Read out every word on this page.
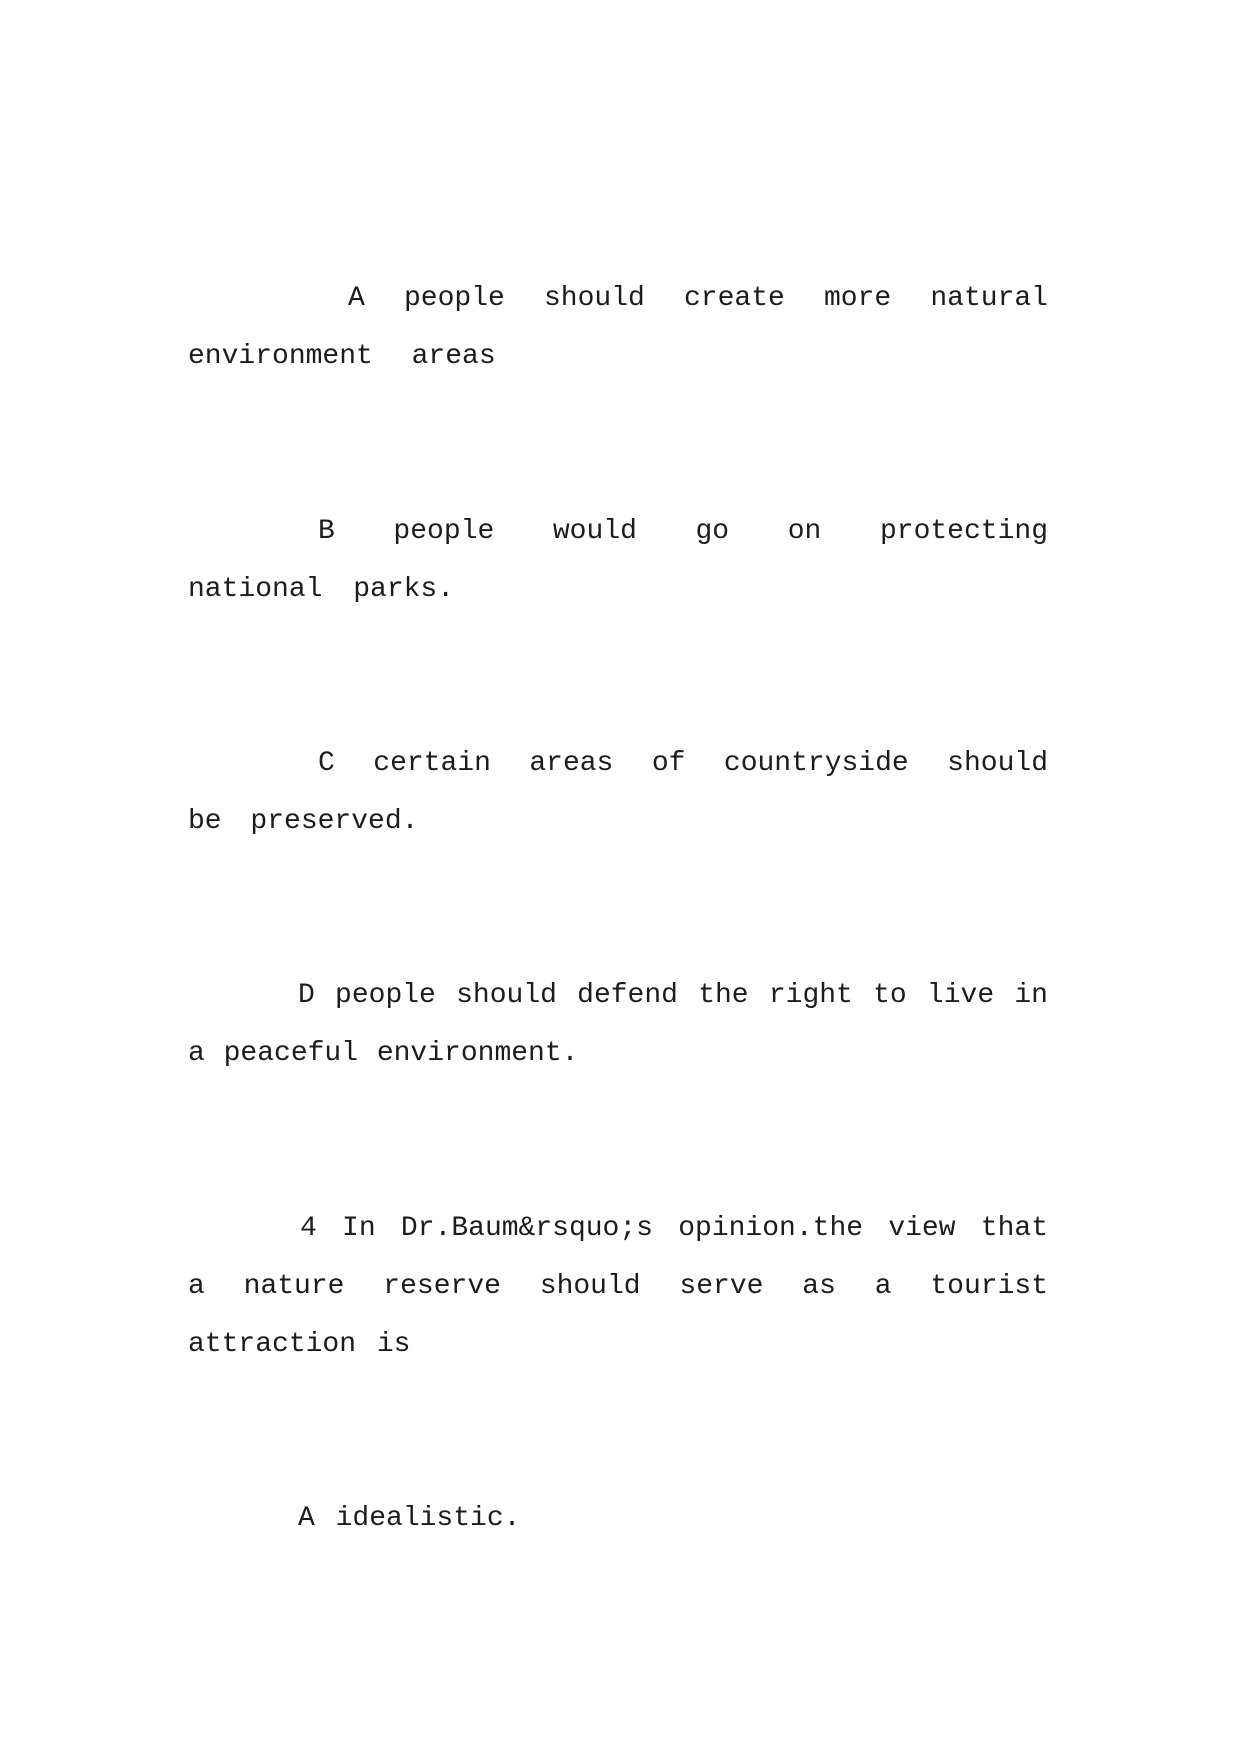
A people should create more natural environment areas

B people would go on protecting national parks.

C certain areas of countryside should be preserved.

D people should defend the right to live in a peaceful environment.

4 In Dr.Baum&rsquo;s opinion.the view that a nature reserve should serve as a tourist attraction is

A idealistic.
